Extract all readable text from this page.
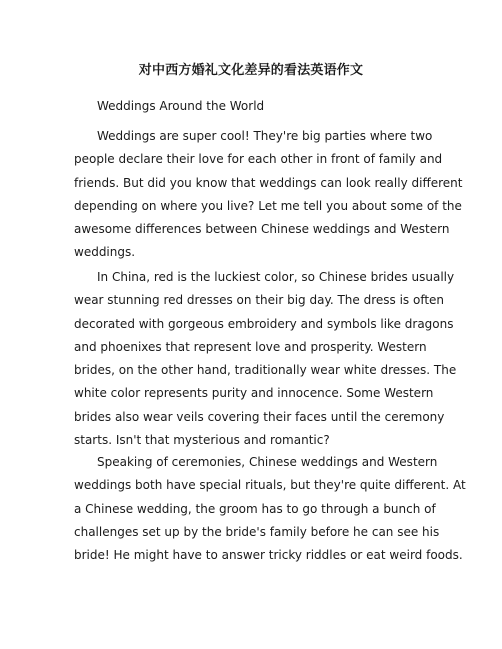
对中西方婚礼文化差异的看法英语作文
Weddings Around the World
Weddings are super cool! They're big parties where two
people declare their love for each other in front of family and
friends. But did you know that weddings can look really different
depending on where you live? Let me tell you about some of the
awesome differences between Chinese weddings and Western
weddings.
In China, red is the luckiest color, so Chinese brides usually
wear stunning red dresses on their big day. The dress is often
decorated with gorgeous embroidery and symbols like dragons
and phoenixes that represent love and prosperity. Western
brides, on the other hand, traditionally wear white dresses. The
white color represents purity and innocence. Some Western
brides also wear veils covering their faces until the ceremony
starts. Isn't that mysterious and romantic?
Speaking of ceremonies, Chinese weddings and Western
weddings both have special rituals, but they're quite different. At
a Chinese wedding, the groom has to go through a bunch of
challenges set up by the bride's family before he can see his
bride! He might have to answer tricky riddles or eat weird foods.
